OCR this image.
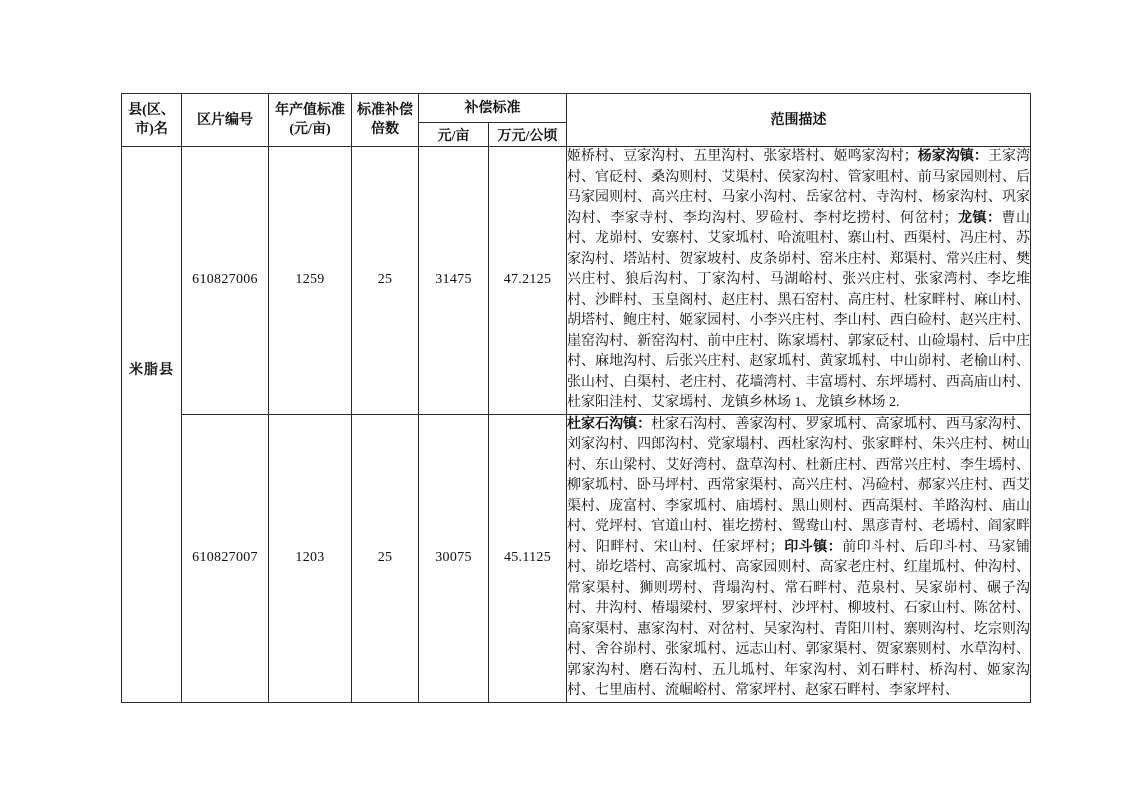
县(区、市)名	区片编号	年产值标准(元/亩)	标准补偿倍数	补偿标准		范围描述
				元/亩	万元/公顷	

米脂县	610827006	1259	25	31475	47.2125	姬桥村、豆家沟村、五里沟村、张家塔村、姬鸣家沟村；杨家沟镇：王家湾村、官砭村、桑沟则村、艾渠村、侯家沟村、管家咀村、前马家园则村、后马家园则村、高兴庄村、马家小沟村、岳家岔村、寺沟村、杨家沟村、巩家沟村、李家寺村、李均沟村、罗硷村、李村圪捞村、何岔村；龙镇：曹山村、龙峁村、安寨村、艾家坬村、哈流咀村、寨山村、西渠村、冯庄村、苏家沟村、塔站村、贺家坡村、皮条峁村、窑米庄村、郑渠村、常兴庄村、樊兴庄村、狼后沟村、丁家沟村、马湖峪村、张兴庄村、张家湾村、李圪堆村、沙畔村、玉皇阁村、赵庄村、黑石窑村、高庄村、杜家畔村、麻山村、胡塔村、鲍庄村、姬家园村、小李兴庄村、李山村、西白硷村、赵兴庄村、崖窑沟村、新窑沟村、前中庄村、陈家墕村、郭家砭村、山硷塌村、后中庄村、麻地沟村、后张兴庄村、赵家坬村、黄家坬村、中山峁村、老榆山村、张山村、白渠村、老庄村、花墙湾村、丰富墕村、东坪墕村、西高庙山村、杜家阳洼村、艾家墕村、龙镇乡林场 1、龙镇乡林场 2.
	610827007	1203	25	30075	45.1125	杜家石沟镇：杜家石沟村、善家沟村、罗家坬村、高家坬村、西马家沟村、刘家沟村、四郎沟村、党家塌村、西杜家沟村、张家畔村、朱兴庄村、树山村、东山梁村、艾好湾村、盘草沟村、杜新庄村、西常兴庄村、李生墕村、柳家坬村、卧马坪村、西常家渠村、高兴庄村、冯硷村、郝家兴庄村、西艾渠村、庞富村、李家坬村、庙墕村、黑山则村、西高渠村、羊路沟村、庙山村、党坪村、官道山村、崔圪捞村、鸳鸯山村、黑彦青村、老墕村、阎家畔村、阳畔村、宋山村、任家坪村；印斗镇：前印斗村、后印斗村、马家铺村、峁圪塔村、高家坬村、高家园则村、高家老庄村、红崖坬村、仲沟村、常家渠村、狮则塄村、背塌沟村、常石畔村、范泉村、吴家峁村、碾子沟村、井沟村、椿塌梁村、罗家坪村、沙坪村、柳坡村、石家山村、陈岔村、高家渠村、惠家沟村、对岔村、吴家沟村、青阳川村、寨则沟村、圪宗则沟村、舍谷峁村、张家坬村、远志山村、郭家渠村、贺家寨则村、水草沟村、郭家沟村、磨石沟村、五儿坬村、年家沟村、刘石畔村、桥沟村、姬家沟村、七里庙村、流崛峪村、常家坪村、赵家石畔村、李家坪村、
